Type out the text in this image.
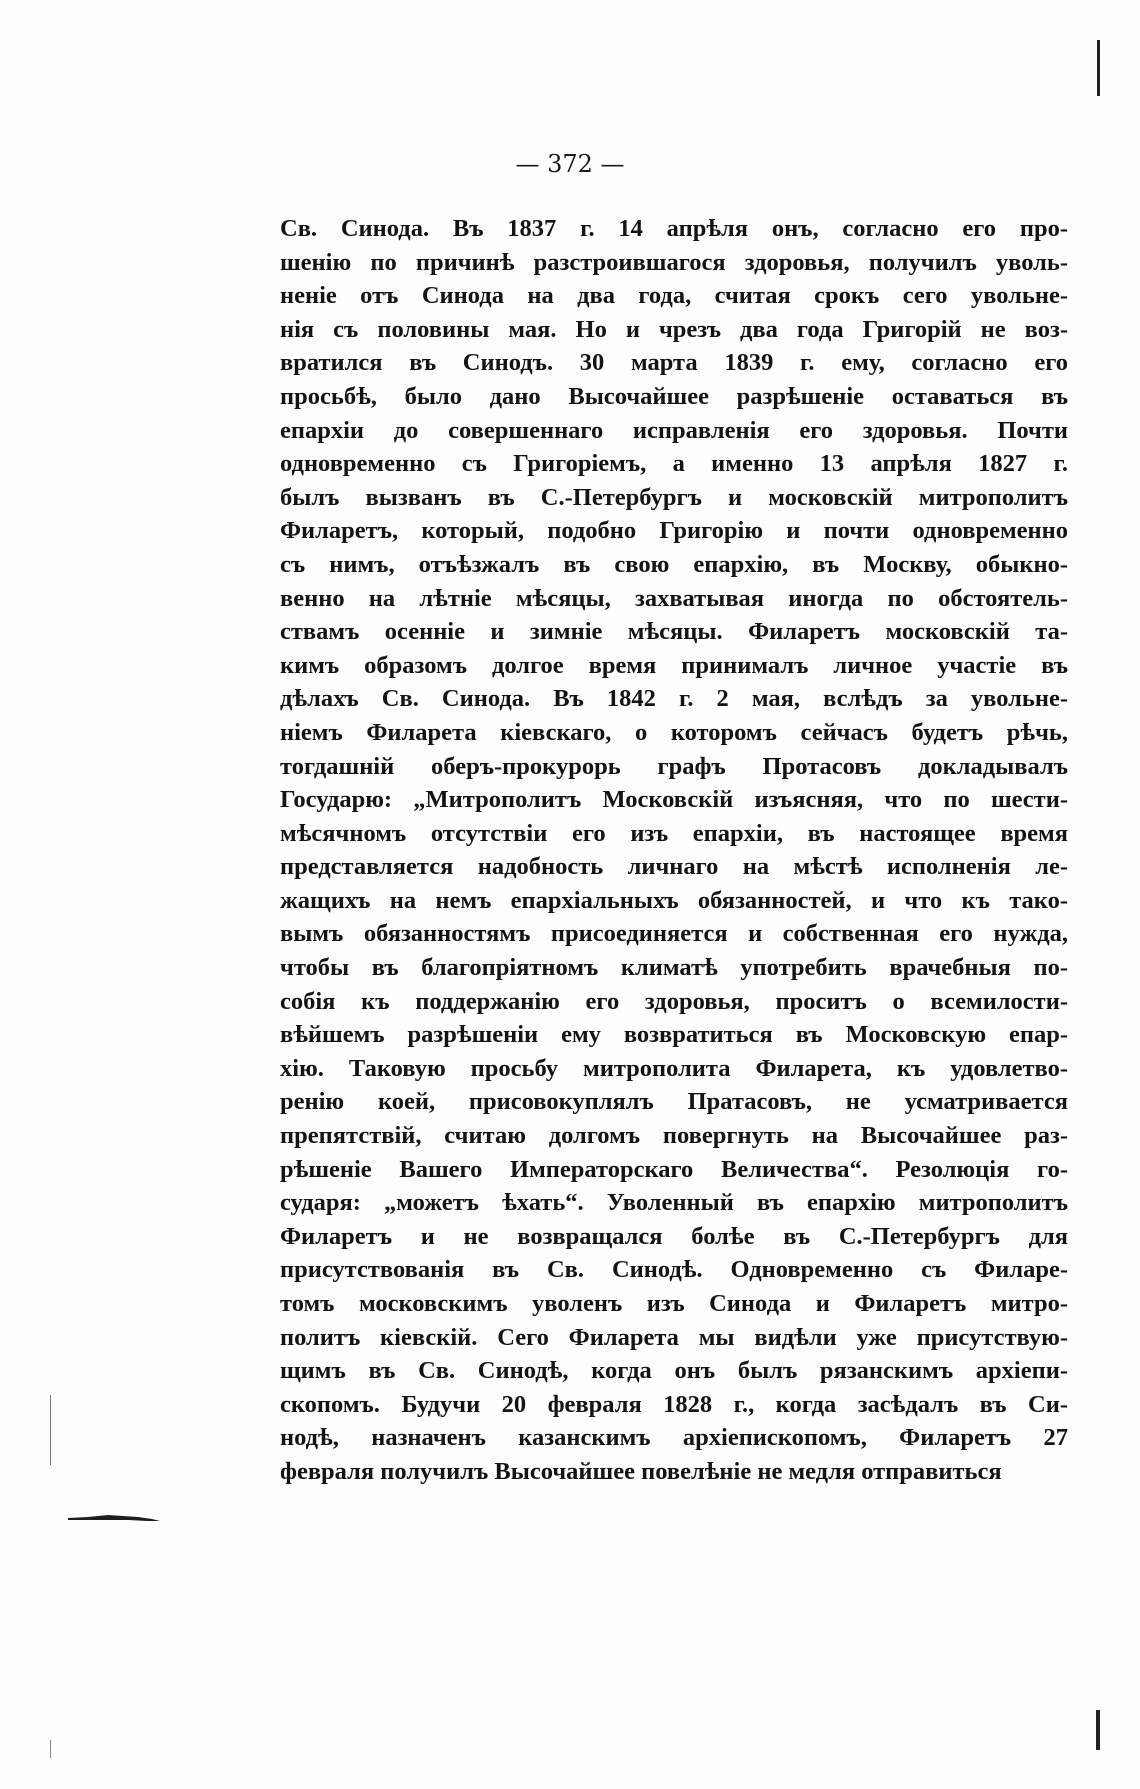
— 372 —

Св. Синода. Въ 1837 г. 14 апрѣля онъ, согласно его про-
шенію по причинѣ разстроившагося здоровья, получилъ уволь-
неніе отъ Синода на два года, считая срокъ сего увольне-
нія съ половины мая. Но и чрезъ два года Григорій не воз-
вратился въ Синодъ. 30 марта 1839 г. ему, согласно его
просьбѣ, было дано Высочайшее разрѣшеніе оставаться въ
епархіи до совершеннаго исправленія его здоровья. Почти
одновременно съ Григоріемъ, а именно 13 апрѣля 1827 г.
былъ вызванъ въ С.-Петербургъ и московскій митрополитъ
Филаретъ, который, подобно Григорію и почти одновременно
съ нимъ, отъѣзжалъ въ свою епархію, въ Москву, обыкно-
венно на лѣтніе мѣсяцы, захватывая иногда по обстоятель-
ствамъ осенніе и зимніе мѣсяцы. Филаретъ московскій та-
кимъ образомъ долгое время принималъ личное участіе въ
дѣлахъ Св. Синода. Въ 1842 г. 2 мая, вслѣдъ за увольне-
ніемъ Филарета кіевскаго, о которомъ сейчасъ будетъ рѣчь,
тогдашній оберъ-прокурорь графъ Протасовъ докладывалъ
Государю: „Митрополитъ Московскій изъясняя, что по шести-
мѣсячномъ отсутствіи его изъ епархіи, въ настоящее время
представляется надобность личнаго на мѣстѣ исполненія ле-
жащихъ на немъ епархіальныхъ обязанностей, и что къ тако-
вымъ обязанностямъ присоединяется и собственная его нужда,
чтобы въ благопріятномъ климатѣ употребить врачебныя по-
собія къ поддержанію его здоровья, проситъ о всемилости-
вѣйшемъ разрѣшеніи ему возвратиться въ Московскую епар-
хію. Таковую просьбу митрополита Филарета, къ удовлетво-
ренію коей, присовокуплялъ Пратасовъ, не усматривается
препятствій, считаю долгомъ повергнуть на Высочайшее раз-
рѣшеніе Вашего Императорскаго Величества“. Резолюція го-
сударя: „можетъ ѣхать“. Уволенный въ епархію митрополитъ
Филаретъ и не возвращался болѣе въ С.-Петербургъ для
присутствованія въ Св. Синодѣ. Одновременно съ Филаре-
томъ московскимъ уволенъ изъ Синода и Филаретъ митро-
политъ кіевскій. Сего Филарета мы видѣли уже присутствую-
щимъ въ Св. Синодѣ, когда онъ былъ рязанскимъ архіепи-
скопомъ. Будучи 20 февраля 1828 г., когда засѣдалъ въ Си-
нодѣ, назначенъ казанскимъ архіепископомъ, Филаретъ 27
февраля получилъ Высочайшее повелѣніе не медля отправиться
